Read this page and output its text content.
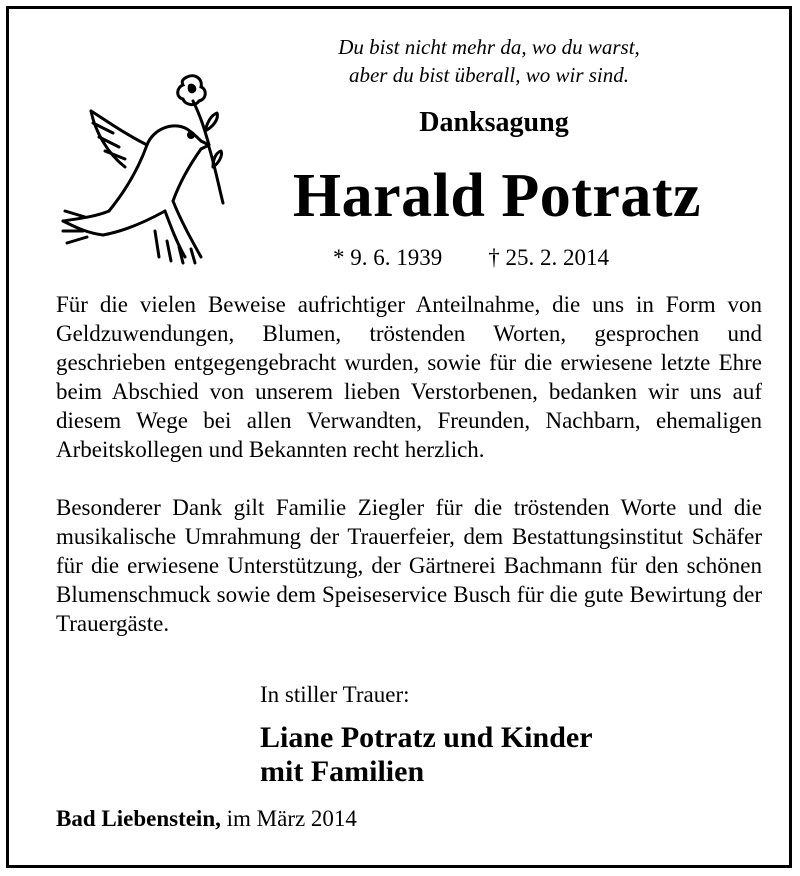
Du bist nicht mehr da, wo du warst,
aber du bist überall, wo wir sind.
Danksagung
Harald Potratz
* 9. 6. 1939 † 25. 2. 2014

Für die vielen Beweise aufrichtiger Anteilnahme, die uns in Form von Geldzuwendungen, Blumen, tröstenden Worten, gesprochen und geschrieben entgegengebracht wurden, sowie für die erwiesene letzte Ehre beim Abschied von unserem lieben Verstorbenen, bedanken wir uns auf diesem Wege bei allen Verwandten, Freunden, Nachbarn, ehemaligen Arbeitskollegen und Bekannten recht herzlich.

Besonderer Dank gilt Familie Ziegler für die tröstenden Worte und die musikalische Umrahmung der Trauerfeier, dem Bestattungsinstitut Schäfer für die erwiesene Unterstützung, der Gärtnerei Bachmann für den schönen Blumenschmuck sowie dem Speiseservice Busch für die gute Bewirtung der Trauergäste.

In stiller Trauer:
Liane Potratz und Kinder
mit Familien
Bad Liebenstein, im März 2014
